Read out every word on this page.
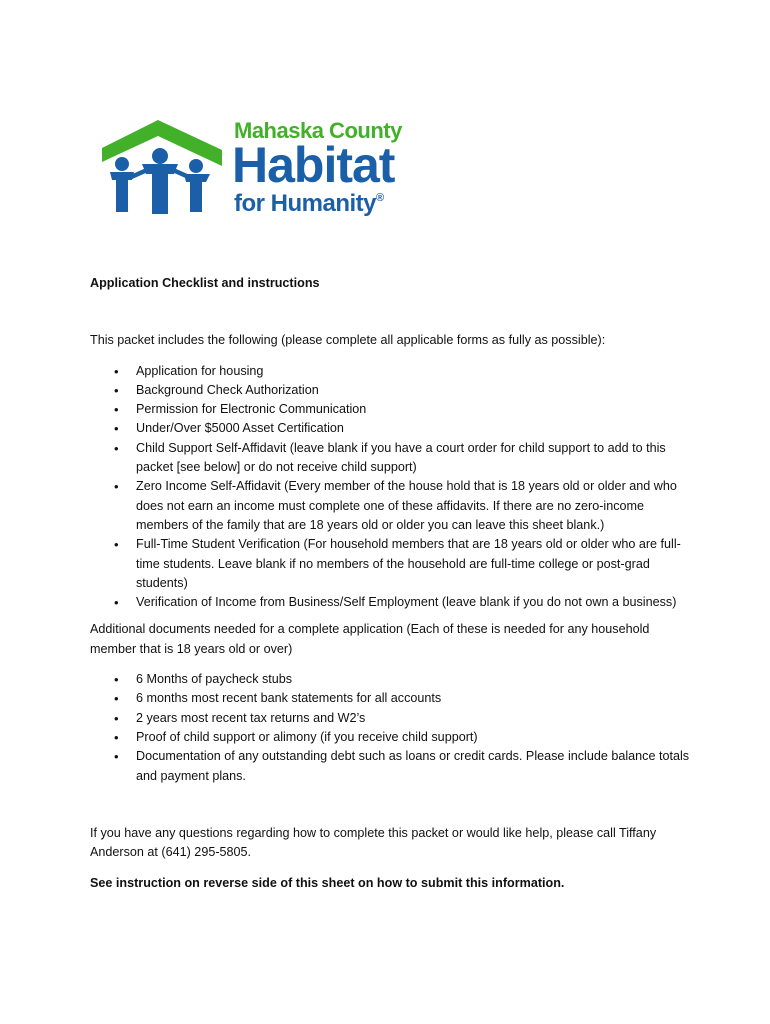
Mahaska County
Habitat
for Humanity®

Application Checklist and instructions

This packet includes the following (please complete all applicable forms as fully as possible):

• Application for housing
• Background Check Authorization
• Permission for Electronic Communication
• Under/Over $5000 Asset Certification
• Child Support Self-Affidavit (leave blank if you have a court order for child support to add to this packet [see below] or do not receive child support)
• Zero Income Self-Affidavit (Every member of the house hold that is 18 years old or older and who does not earn an income must complete one of these affidavits. If there are no zero-income members of the family that are 18 years old or older you can leave this sheet blank.)
• Full-Time Student Verification (For household members that are 18 years old or older who are full-time students. Leave blank if no members of the household are full-time college or post-grad students)
• Verification of Income from Business/Self Employment (leave blank if you do not own a business)

Additional documents needed for a complete application (Each of these is needed for any household member that is 18 years old or over)

• 6 Months of paycheck stubs
• 6 months most recent bank statements for all accounts
• 2 years most recent tax returns and W2’s
• Proof of child support or alimony (if you receive child support)
• Documentation of any outstanding debt such as loans or credit cards. Please include balance totals and payment plans.

If you have any questions regarding how to complete this packet or would like help, please call Tiffany Anderson at (641) 295-5805.

See instruction on reverse side of this sheet on how to submit this information.
